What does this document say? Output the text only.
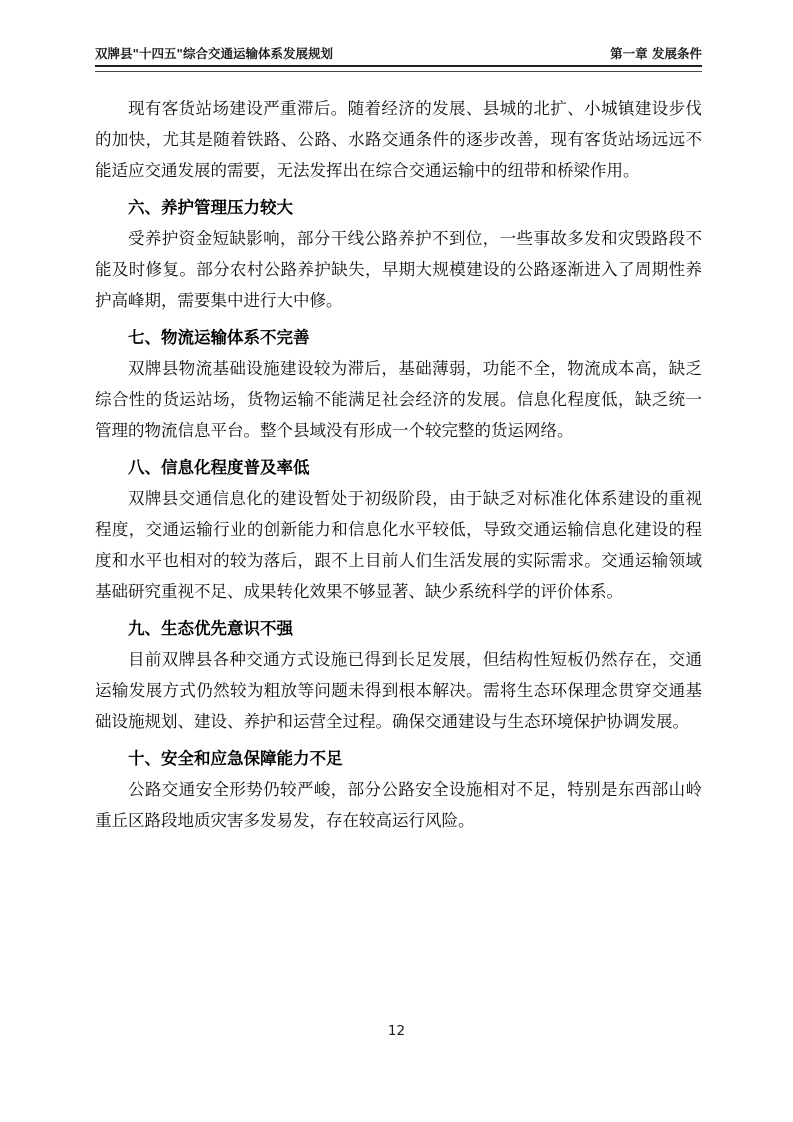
双牌县"十四五"综合交通运输体系发展规划	第一章 发展条件

现有客货站场建设严重滞后。随着经济的发展、县城的北扩、小城镇建设步伐的加快，尤其是随着铁路、公路、水路交通条件的逐步改善，现有客货站场远远不能适应交通发展的需要，无法发挥出在综合交通运输中的纽带和桥梁作用。

六、养护管理压力较大

受养护资金短缺影响，部分干线公路养护不到位，一些事故多发和灾毁路段不能及时修复。部分农村公路养护缺失，早期大规模建设的公路逐渐进入了周期性养护高峰期，需要集中进行大中修。

七、物流运输体系不完善

双牌县物流基础设施建设较为滞后，基础薄弱，功能不全，物流成本高，缺乏综合性的货运站场，货物运输不能满足社会经济的发展。信息化程度低，缺乏统一管理的物流信息平台。整个县域没有形成一个较完整的货运网络。

八、信息化程度普及率低

双牌县交通信息化的建设暂处于初级阶段，由于缺乏对标准化体系建设的重视程度，交通运输行业的创新能力和信息化水平较低，导致交通运输信息化建设的程度和水平也相对的较为落后，跟不上目前人们生活发展的实际需求。交通运输领域基础研究重视不足、成果转化效果不够显著、缺少系统科学的评价体系。

九、生态优先意识不强

目前双牌县各种交通方式设施已得到长足发展，但结构性短板仍然存在，交通运输发展方式仍然较为粗放等问题未得到根本解决。需将生态环保理念贯穿交通基础设施规划、建设、养护和运营全过程。确保交通建设与生态环境保护协调发展。

十、安全和应急保障能力不足

公路交通安全形势仍较严峻，部分公路安全设施相对不足，特别是东西部山岭重丘区路段地质灾害多发易发，存在较高运行风险。

12
